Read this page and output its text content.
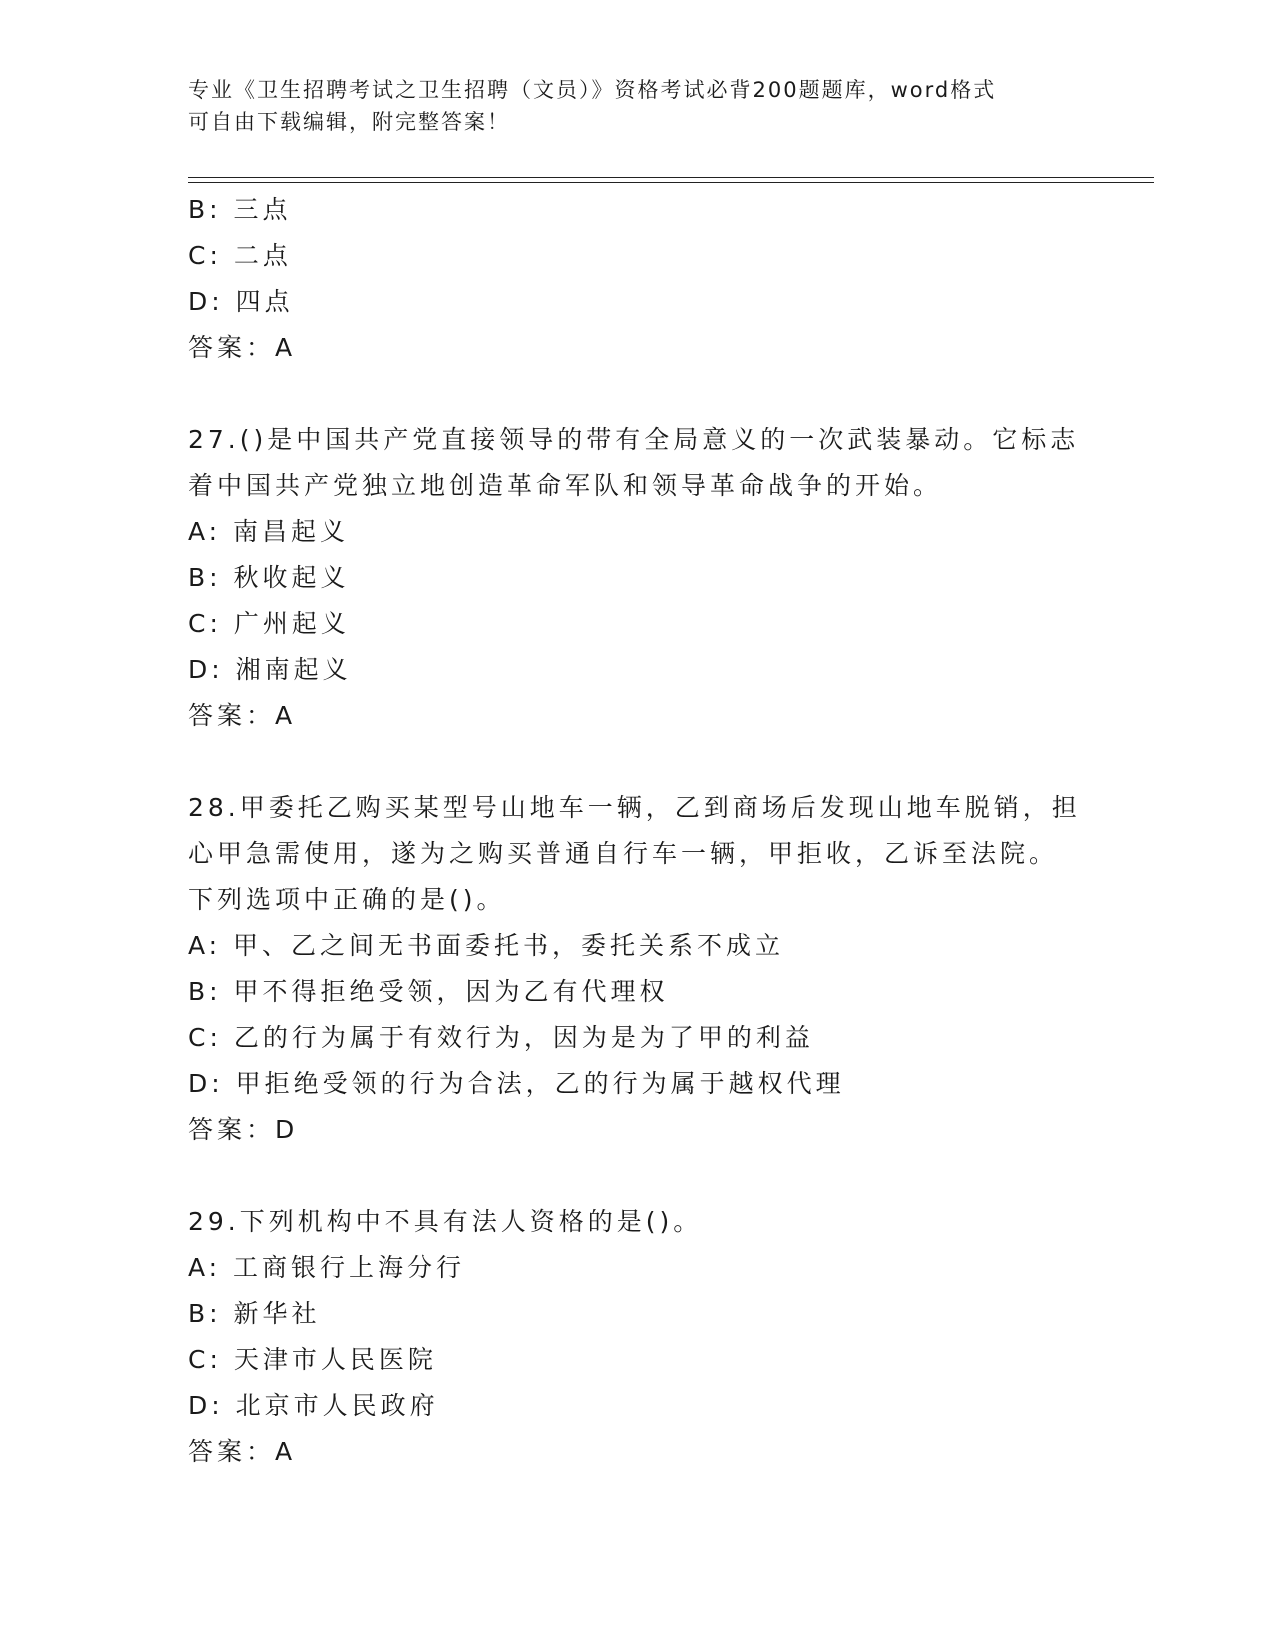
专业《卫生招聘考试之卫生招聘（文员）》资格考试必背200题题库，word格式
可自由下载编辑，附完整答案！
B: 三点
C: 二点
D: 四点
答案：A
27.()是中国共产党直接领导的带有全局意义的一次武装暴动。它标志
着中国共产党独立地创造革命军队和领导革命战争的开始。
A: 南昌起义
B: 秋收起义
C: 广州起义
D: 湘南起义
答案：A
28.甲委托乙购买某型号山地车一辆，乙到商场后发现山地车脱销，担
心甲急需使用，遂为之购买普通自行车一辆，甲拒收，乙诉至法院。
下列选项中正确的是()。
A: 甲、乙之间无书面委托书，委托关系不成立
B: 甲不得拒绝受领，因为乙有代理权
C: 乙的行为属于有效行为，因为是为了甲的利益
D: 甲拒绝受领的行为合法，乙的行为属于越权代理
答案：D
29.下列机构中不具有法人资格的是()。
A: 工商银行上海分行
B: 新华社
C: 天津市人民医院
D: 北京市人民政府
答案：A
